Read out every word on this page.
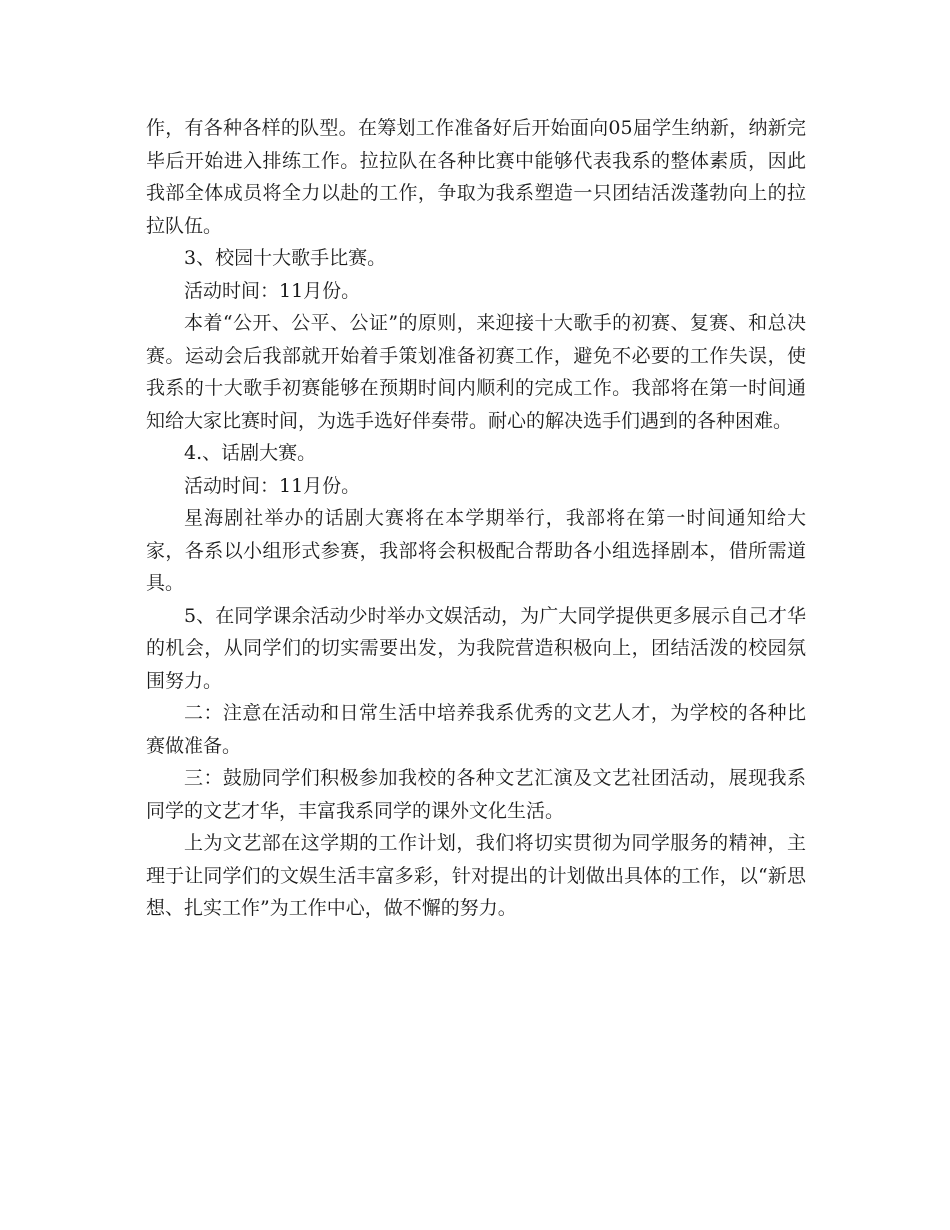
作，有各种各样的队型。在筹划工作准备好后开始面向05届学生纳新，纳新完毕后开始进入排练工作。拉拉队在各种比赛中能够代表我系的整体素质，因此我部全体成员将全力以赴的工作，争取为我系塑造一只团结活泼蓬勃向上的拉拉队伍。

3、校园十大歌手比赛。

活动时间：11月份。

本着“公开、公平、公证”的原则，来迎接十大歌手的初赛、复赛、和总决赛。运动会后我部就开始着手策划准备初赛工作，避免不必要的工作失误，使我系的十大歌手初赛能够在预期时间内顺利的完成工作。我部将在第一时间通知给大家比赛时间，为选手选好伴奏带。耐心的解决选手们遇到的各种困难。

4.、话剧大赛。

活动时间：11月份。

星海剧社举办的话剧大赛将在本学期举行，我部将在第一时间通知给大家，各系以小组形式参赛，我部将会积极配合帮助各小组选择剧本，借所需道具。

5、在同学课余活动少时举办文娱活动，为广大同学提供更多展示自己才华的机会，从同学们的切实需要出发，为我院营造积极向上，团结活泼的校园氛围努力。

二：注意在活动和日常生活中培养我系优秀的文艺人才，为学校的各种比赛做准备。

三：鼓励同学们积极参加我校的各种文艺汇演及文艺社团活动，展现我系同学的文艺才华，丰富我系同学的课外文化生活。

上为文艺部在这学期的工作计划，我们将切实贯彻为同学服务的精神，主理于让同学们的文娱生活丰富多彩，针对提出的计划做出具体的工作，以“新思想、扎实工作”为工作中心，做不懈的努力。
